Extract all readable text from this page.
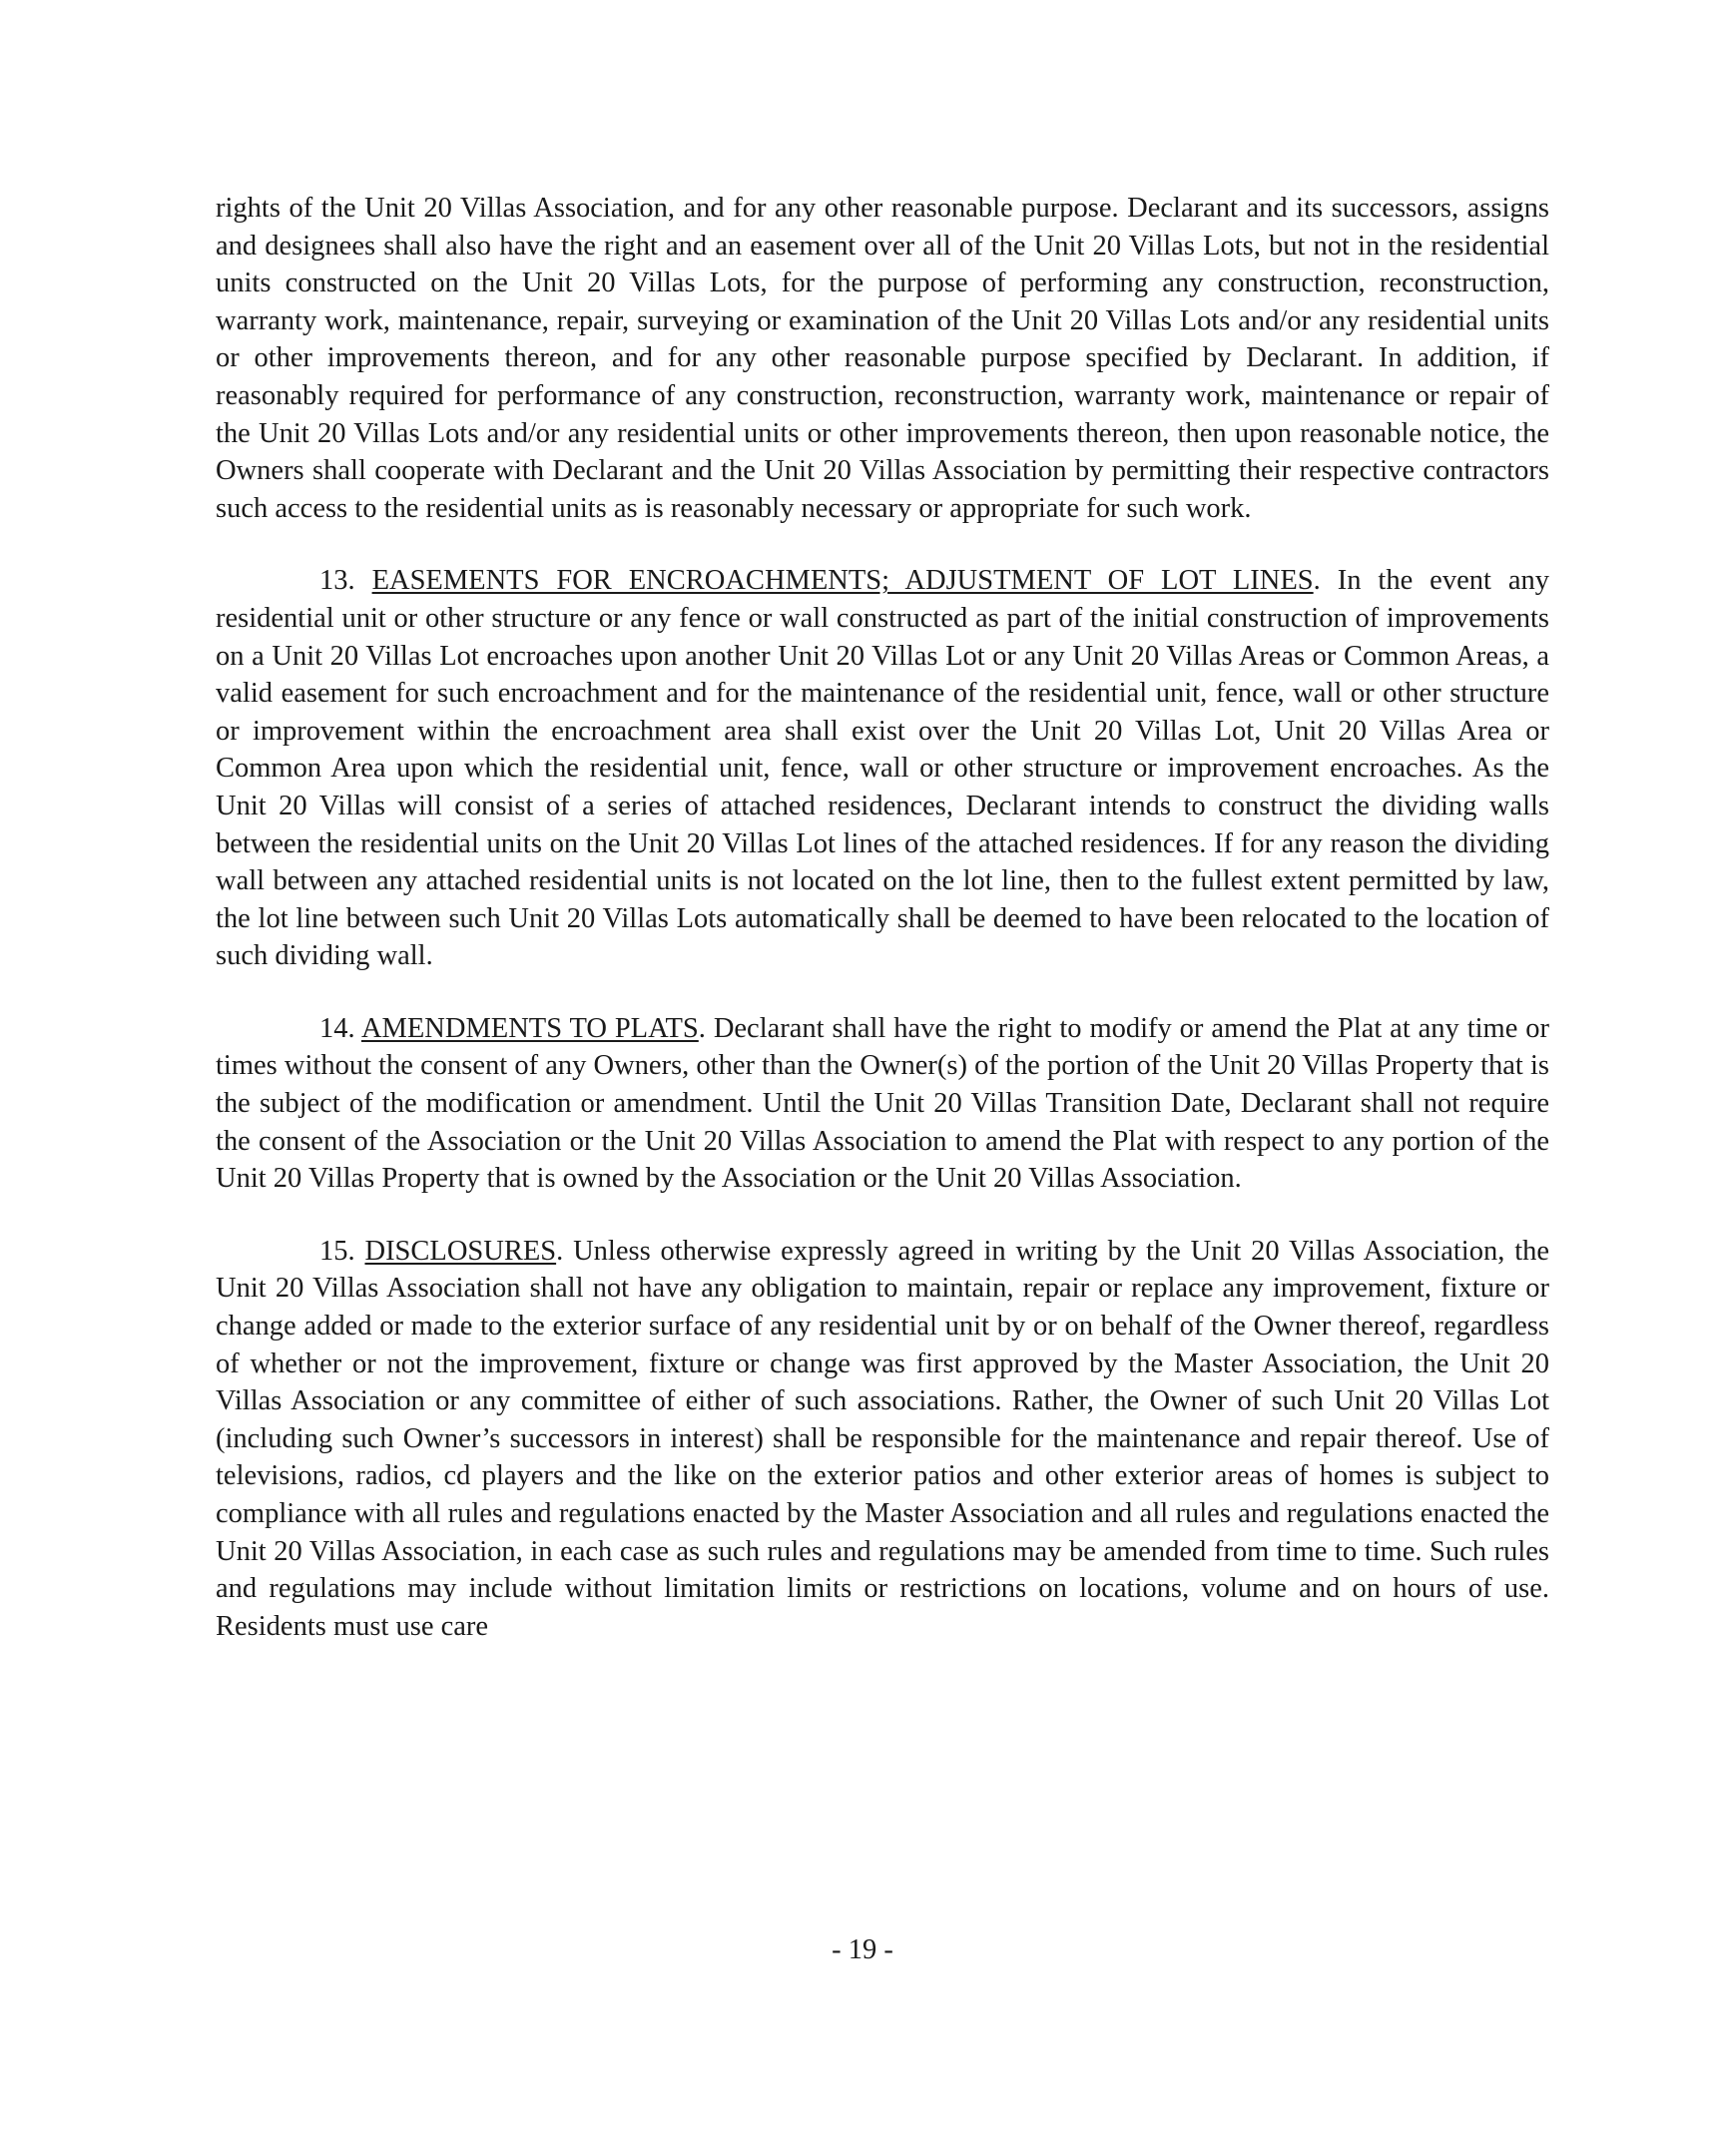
rights of the Unit 20 Villas Association, and for any other reasonable purpose. Declarant and its successors, assigns and designees shall also have the right and an easement over all of the Unit 20 Villas Lots, but not in the residential units constructed on the Unit 20 Villas Lots, for the purpose of performing any construction, reconstruction, warranty work, maintenance, repair, surveying or examination of the Unit 20 Villas Lots and/or any residential units or other improvements thereon, and for any other reasonable purpose specified by Declarant. In addition, if reasonably required for performance of any construction, reconstruction, warranty work, maintenance or repair of the Unit 20 Villas Lots and/or any residential units or other improvements thereon, then upon reasonable notice, the Owners shall cooperate with Declarant and the Unit 20 Villas Association by permitting their respective contractors such access to the residential units as is reasonably necessary or appropriate for such work.

13. EASEMENTS FOR ENCROACHMENTS; ADJUSTMENT OF LOT LINES. In the event any residential unit or other structure or any fence or wall constructed as part of the initial construction of improvements on a Unit 20 Villas Lot encroaches upon another Unit 20 Villas Lot or any Unit 20 Villas Areas or Common Areas, a valid easement for such encroachment and for the maintenance of the residential unit, fence, wall or other structure or improvement within the encroachment area shall exist over the Unit 20 Villas Lot, Unit 20 Villas Area or Common Area upon which the residential unit, fence, wall or other structure or improvement encroaches. As the Unit 20 Villas will consist of a series of attached residences, Declarant intends to construct the dividing walls between the residential units on the Unit 20 Villas Lot lines of the attached residences. If for any reason the dividing wall between any attached residential units is not located on the lot line, then to the fullest extent permitted by law, the lot line between such Unit 20 Villas Lots automatically shall be deemed to have been relocated to the location of such dividing wall.

14. AMENDMENTS TO PLATS. Declarant shall have the right to modify or amend the Plat at any time or times without the consent of any Owners, other than the Owner(s) of the portion of the Unit 20 Villas Property that is the subject of the modification or amendment. Until the Unit 20 Villas Transition Date, Declarant shall not require the consent of the Association or the Unit 20 Villas Association to amend the Plat with respect to any portion of the Unit 20 Villas Property that is owned by the Association or the Unit 20 Villas Association.

15. DISCLOSURES. Unless otherwise expressly agreed in writing by the Unit 20 Villas Association, the Unit 20 Villas Association shall not have any obligation to maintain, repair or replace any improvement, fixture or change added or made to the exterior surface of any residential unit by or on behalf of the Owner thereof, regardless of whether or not the improvement, fixture or change was first approved by the Master Association, the Unit 20 Villas Association or any committee of either of such associations. Rather, the Owner of such Unit 20 Villas Lot (including such Owner’s successors in interest) shall be responsible for the maintenance and repair thereof. Use of televisions, radios, cd players and the like on the exterior patios and other exterior areas of homes is subject to compliance with all rules and regulations enacted by the Master Association and all rules and regulations enacted the Unit 20 Villas Association, in each case as such rules and regulations may be amended from time to time. Such rules and regulations may include without limitation limits or restrictions on locations, volume and on hours of use. Residents must use care

- 19 -
